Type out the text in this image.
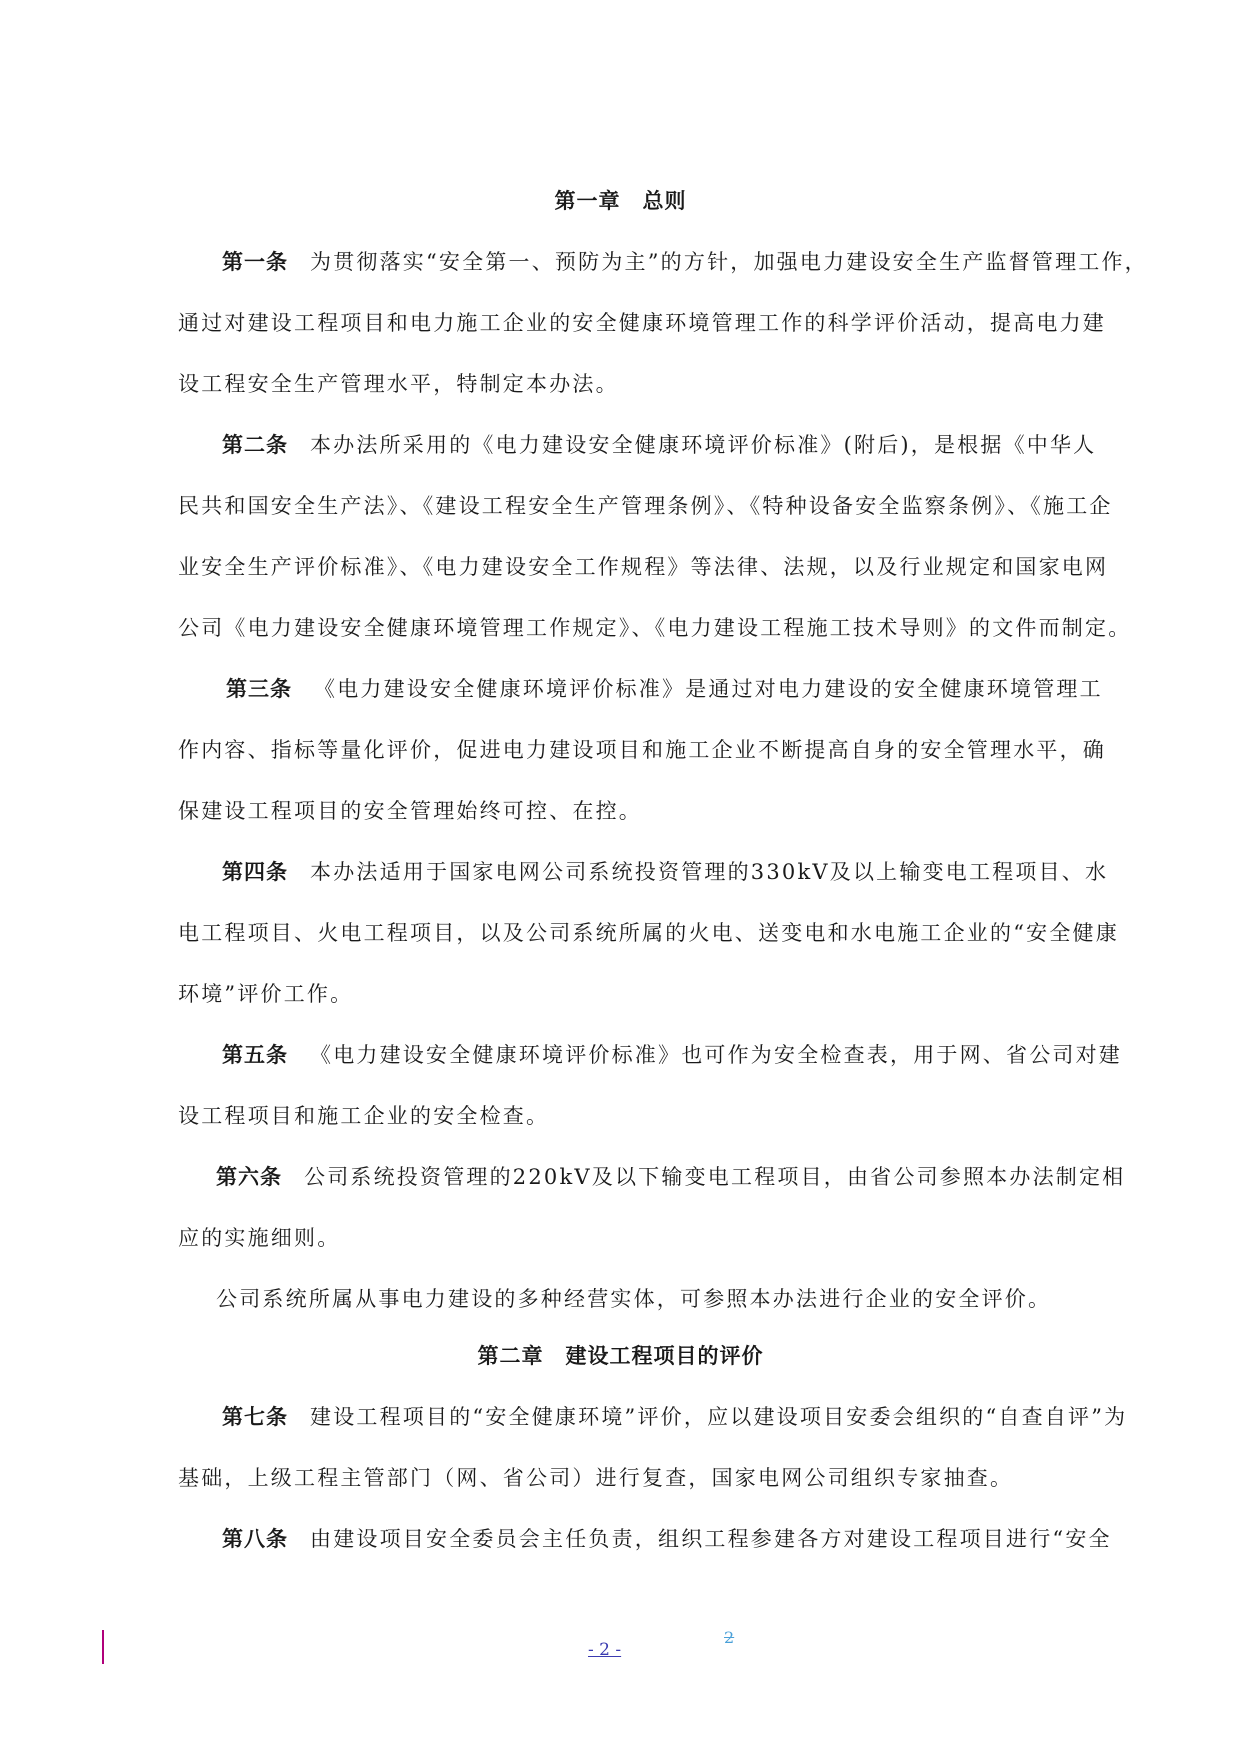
第一章 总则
第一条 为贯彻落实“安全第一、预防为主”的方针，加强电力建设安全生产监督管理工作，
通过对建设工程项目和电力施工企业的安全健康环境管理工作的科学评价活动，提高电力建
设工程安全生产管理水平，特制定本办法。
第二条 本办法所采用的《电力建设安全健康环境评价标准》(附后)，是根据《中华人
民共和国安全生产法》、《建设工程安全生产管理条例》、《特种设备安全监察条例》、《施工企
业安全生产评价标准》、《电力建设安全工作规程》等法律、法规，以及行业规定和国家电网
公司《电力建设安全健康环境管理工作规定》、《电力建设工程施工技术导则》的文件而制定。
第三条 《电力建设安全健康环境评价标准》是通过对电力建设的安全健康环境管理工
作内容、指标等量化评价，促进电力建设项目和施工企业不断提高自身的安全管理水平，确
保建设工程项目的安全管理始终可控、在控。
第四条 本办法适用于国家电网公司系统投资管理的330kV及以上输变电工程项目、水
电工程项目、火电工程项目，以及公司系统所属的火电、送变电和水电施工企业的“安全健康
环境”评价工作。
第五条 《电力建设安全健康环境评价标准》也可作为安全检查表，用于网、省公司对建
设工程项目和施工企业的安全检查。
第六条 公司系统投资管理的220kV及以下输变电工程项目，由省公司参照本办法制定相
应的实施细则。
公司系统所属从事电力建设的多种经营实体，可参照本办法进行企业的安全评价。
第二章 建设工程项目的评价
第七条 建设工程项目的“安全健康环境”评价，应以建设项目安委会组织的“自查自评”为
基础，上级工程主管部门（网、省公司）进行复查，国家电网公司组织专家抽查。
第八条 由建设项目安全委员会主任负责，组织工程参建各方对建设工程项目进行“安全
- 2 -
2
